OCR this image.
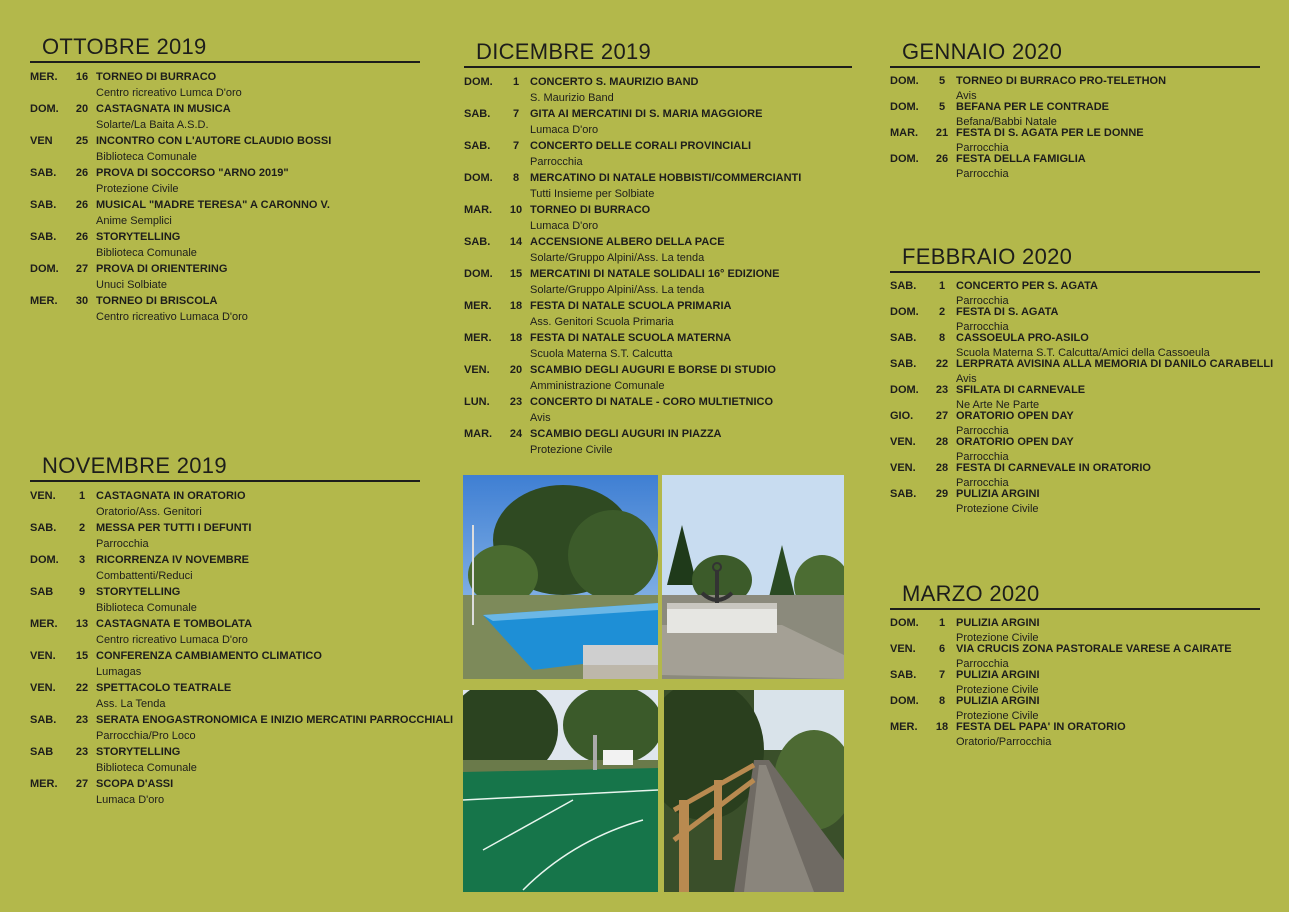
OTTOBRE 2019
MER.	16 TORNEO DI BURRACO
Centro ricreativo Lumca D'oro
DOM.	20 CASTAGNATA IN MUSICA
Solarte/La Baita A.S.D.
VEN	25 INCONTRO CON L'AUTORE CLAUDIO BOSSI
Biblioteca Comunale
SAB.	26 PROVA DI SOCCORSO "ARNO 2019"
Protezione Civile
SAB.	26 MUSICAL "MADRE TERESA" A CARONNO V.
Anime Semplici
SAB.	26 STORYTELLING
Biblioteca Comunale
DOM.	27 PROVA DI ORIENTERING
Unuci Solbiate
MER.	30 TORNEO DI BRISCOLA
Centro ricreativo Lumaca D'oro
NOVEMBRE 2019
VEN.	1 CASTAGNATA IN ORATORIO
Oratorio/Ass. Genitori
SAB.	2 MESSA PER TUTTI I DEFUNTI
Parrocchia
DOM.	3 RICORRENZA IV NOVEMBRE
Combattenti/Reduci
SAB	9 STORYTELLING
Biblioteca Comunale
MER.	13 CASTAGNATA E TOMBOLATA
Centro ricreativo Lumaca D'oro
VEN.	15 CONFERENZA CAMBIAMENTO CLIMATICO
Lumagas
VEN.	22 SPETTACOLO TEATRALE
Ass. La Tenda
SAB.	23 SERATA ENOGASTRONOMICA E INIZIO MERCATINI PARROCCHIALI
Parrocchia/Pro Loco
SAB	23 STORYTELLING
Biblioteca Comunale
MER.	27 SCOPA D'ASSI
Lumaca D'oro
DICEMBRE 2019
DOM.	1 CONCERTO S. MAURIZIO BAND
S. Maurizio Band
SAB.	7 GITA AI MERCATINI DI S. MARIA MAGGIORE
Lumaca D'oro
SAB.	7 CONCERTO DELLE CORALI PROVINCIALI
Parrocchia
DOM.	8 MERCATINO DI NATALE HOBBISTI/COMMERCIANTI
Tutti Insieme per Solbiate
MAR.	10 TORNEO DI BURRACO
Lumaca D'oro
SAB.	14 ACCENSIONE ALBERO DELLA PACE
Solarte/Gruppo Alpini/Ass. La tenda
DOM.	15 MERCATINI DI NATALE SOLIDALI 16° EDIZIONE
Solarte/Gruppo Alpini/Ass. La tenda
MER.	18 FESTA DI NATALE SCUOLA PRIMARIA
Ass. Genitori Scuola Primaria
MER.	18 FESTA DI NATALE SCUOLA MATERNA
Scuola Materna S.T. Calcutta
VEN.	20 SCAMBIO DEGLI AUGURI E BORSE DI STUDIO
Amministrazione Comunale
LUN.	23 CONCERTO DI NATALE - CORO MULTIETNICO
Avis
MAR.	24 SCAMBIO DEGLI AUGURI IN PIAZZA
Protezione Civile
GENNAIO 2020
DOM.	5 TORNEO DI BURRACO PRO-TELETHON
Avis
DOM.	5 BEFANA PER LE CONTRADE
Befana/Babbi Natale
MAR.	21 FESTA DI S. AGATA PER LE DONNE
Parrocchia
DOM.	26 FESTA DELLA FAMIGLIA
Parrocchia
FEBBRAIO 2020
SAB.	1 CONCERTO PER S. AGATA
Parrocchia
DOM.	2 FESTA DI S. AGATA
Parrocchia
SAB.	8 CASSOEULA PRO-ASILO
Scuola Materna S.T. Calcutta/Amici della Cassoeula
SAB.	22 LERPRATA AVISINA ALLA MEMORIA DI DANILO CARABELLI
Avis
DOM.	23 SFILATA DI CARNEVALE
Ne Arte Ne Parte
GIO.	27 ORATORIO OPEN DAY
Parrocchia
VEN.	28 ORATORIO OPEN DAY
Parrocchia
VEN.	28 FESTA DI CARNEVALE IN ORATORIO
Parrocchia
SAB.	29 PULIZIA ARGINI
Protezione Civile
MARZO 2020
DOM.	1 PULIZIA ARGINI
Protezione Civile
VEN.	6 VIA CRUCIS ZONA PASTORALE VARESE A CAIRATE
Parrocchia
SAB.	7 PULIZIA ARGINI
Protezione Civile
DOM.	8 PULIZIA ARGINI
Protezione Civile
MER.	18 FESTA DEL PAPA' IN ORATORIO
Oratorio/Parrocchia
